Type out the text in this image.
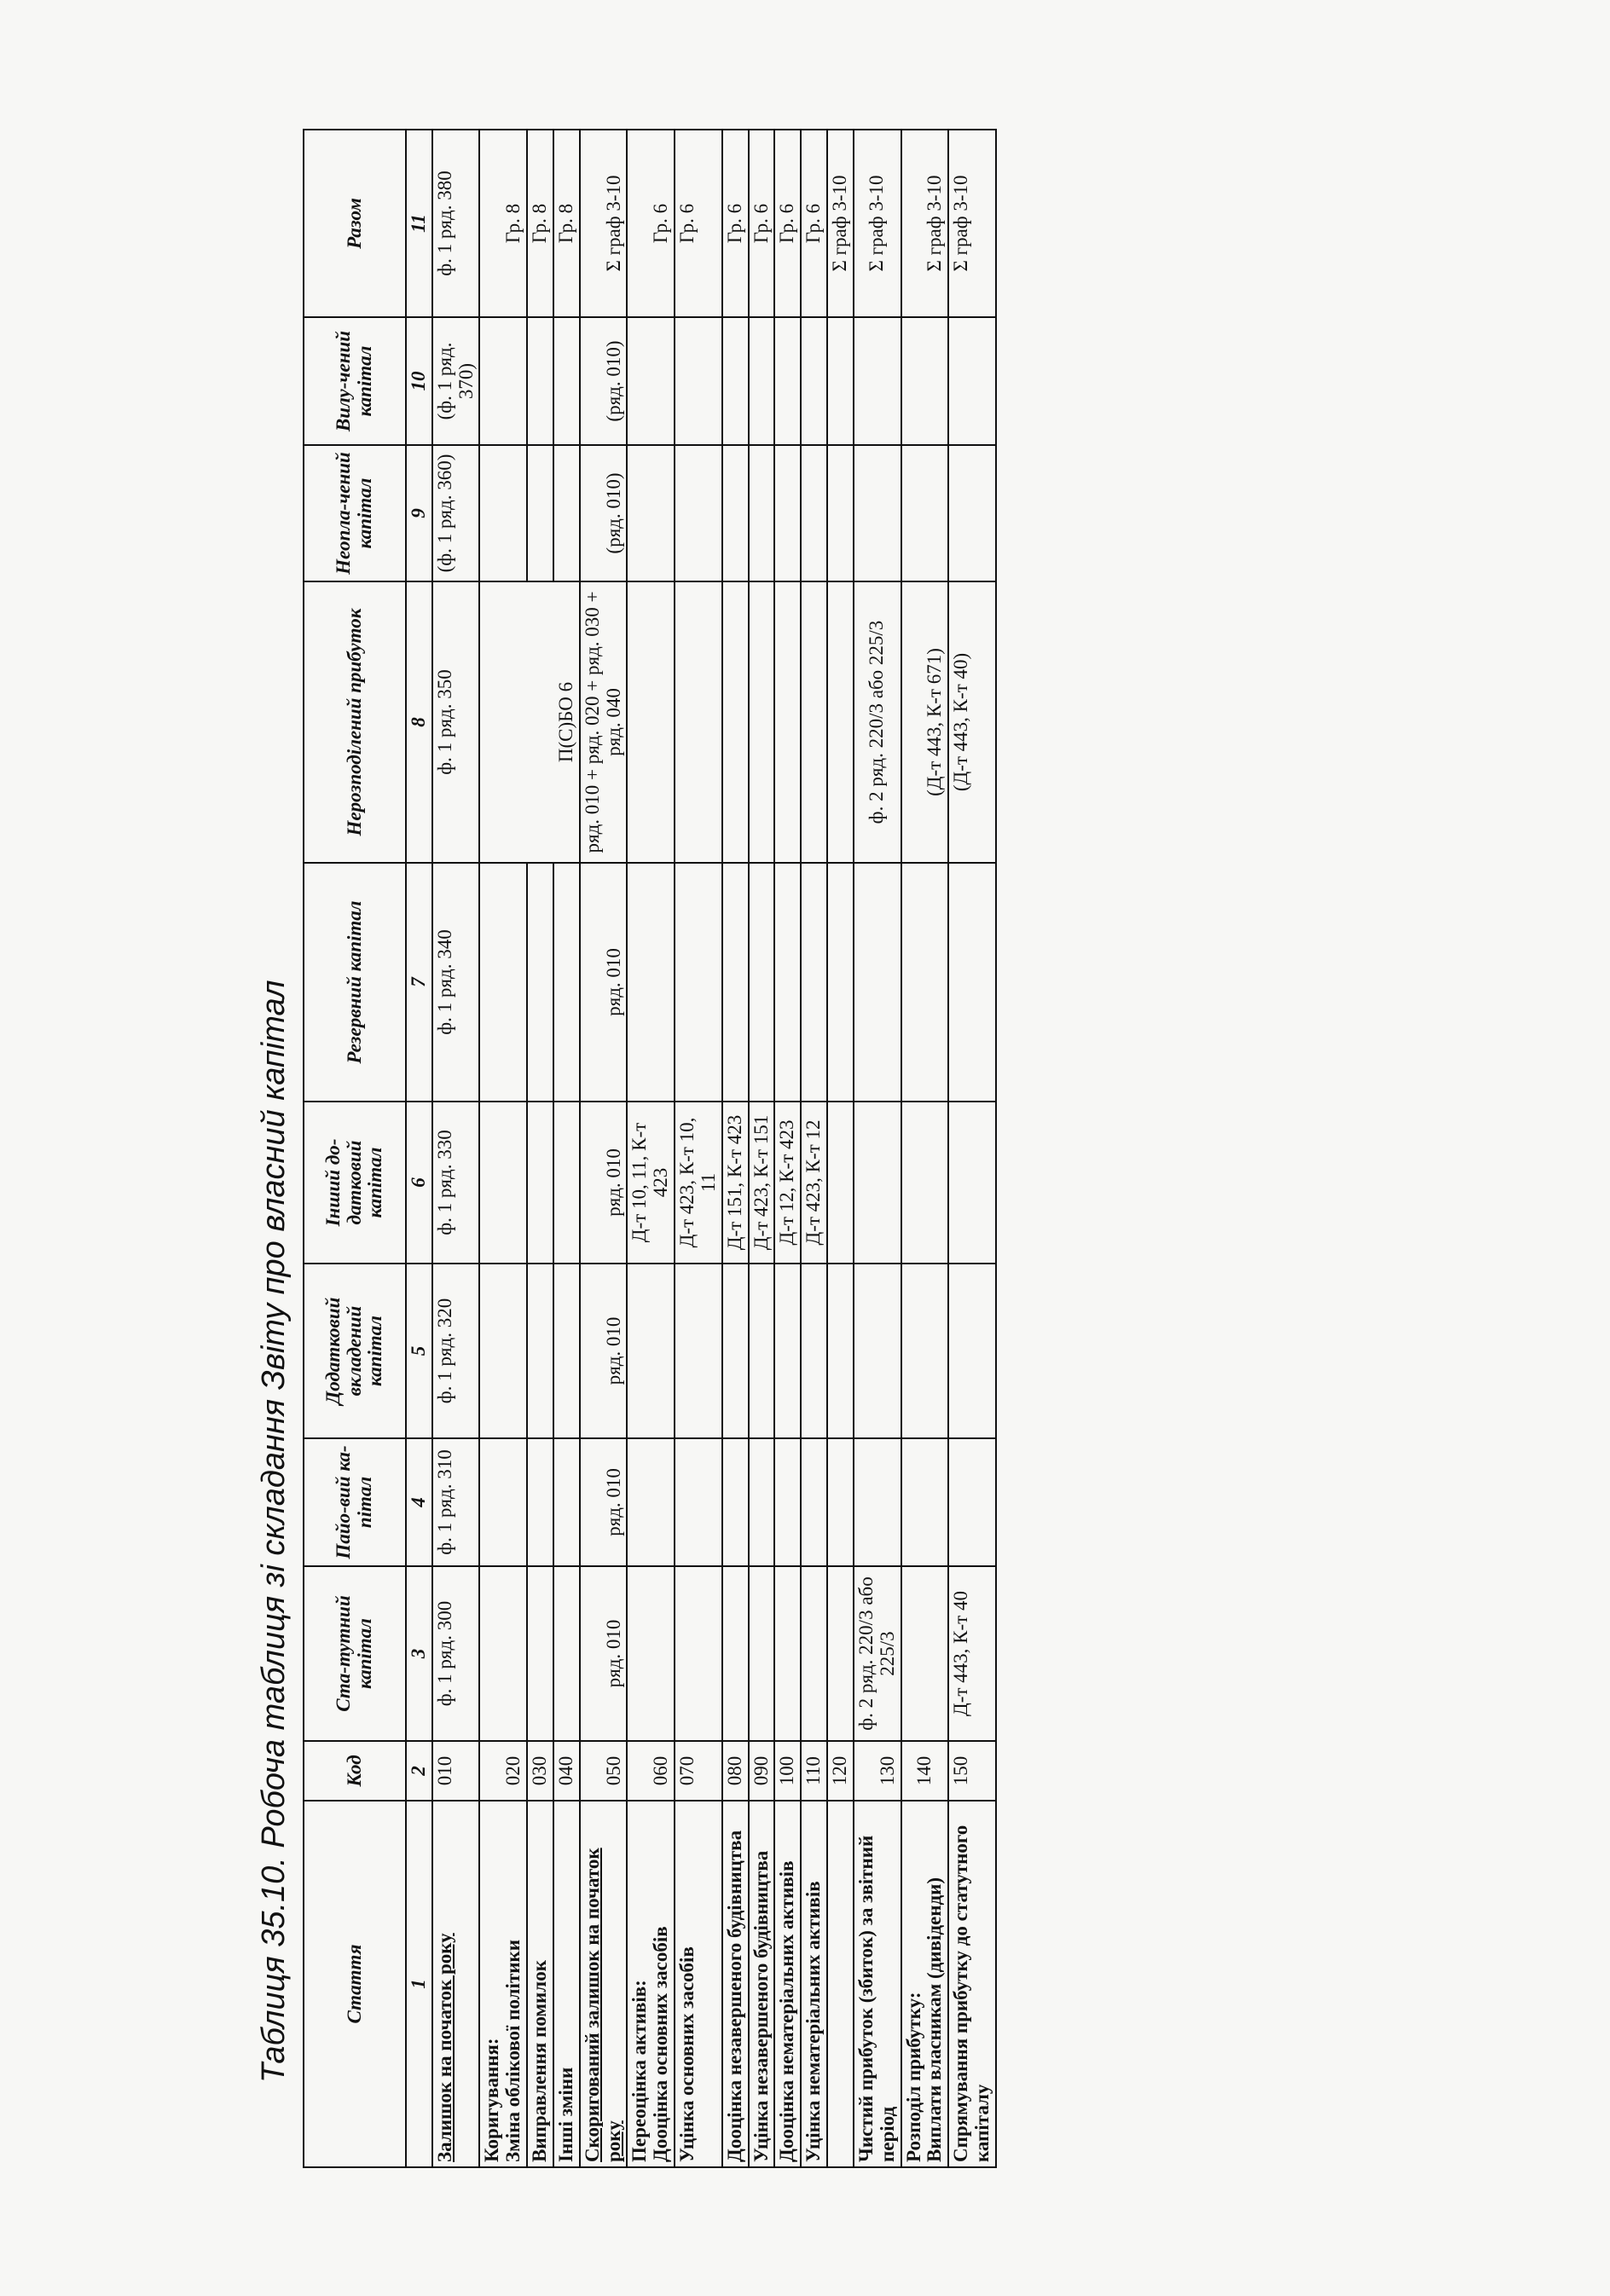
Таблиця 35.10. Робоча таблиця зі складання Звіту про власний капітал	Стаття	Код	Ста-тутний капітал	Пайо-вий ка-пітал	Додатковий вкладений капітал	Інший до-датковий капітал	Резервний капітал	Нерозподілений прибуток	Неопла-чений капітал	Вилу-чений капітал	Разом
1	2	3	4	5	6	7	8	9	10	11
Залишок на початок року	010	ф. 1 ряд. 300	ф. 1 ряд. 310	ф. 1 ряд. 320	ф. 1 ряд. 330	ф. 1 ряд. 340	ф. 1 ряд. 350	(ф. 1 ряд. 360)	(ф. 1 ряд. 370)	ф. 1 ряд. 380

Коригування: Зміна облікової політики	020						П(С)БО 6			Гр. 8
Виправлення помилок	030									Гр. 8
Інші зміни	040									Гр. 8
Скоригований залишок на початок року	050	ряд. 010	ряд. 010	ряд. 010	ряд. 010	ряд. 010	ряд. 010 + ряд. 020 + ряд. 030 + ряд. 040	(ряд. 010)	(ряд. 010)	Σ граф 3-10

Переоцінка активів: Дооцінка основних засобів	060				Д-т 10, 11, К-т 423					Гр. 6
Уцінка основних засобів	070				Д-т 423, К-т 10, 11					Гр. 6
Дооцінка незавершеного будівництва	080				Д-т 151, К-т 423					Гр. 6
Уцінка незавершеного будівництва	090				Д-т 423, К-т 151					Гр. 6
Дооцінка нематеріальних активів	100				Д-т 12, К-т 423					Гр. 6
Уцінка нематеріальних активів	110				Д-т 423, К-т 12					Гр. 6
	120									Σ граф 3-10
Чистий прибуток (збиток) за звітний період	130	ф. 2 ряд. 220/3 або 225/3					ф. 2 ряд. 220/3 або 225/3			Σ граф 3-10

Розподіл прибутку: Виплати власникам (дивіденди)	140						(Д-т 443, К-т 671)			Σ граф 3-10
Спрямування прибутку до статутного капіталу	150	Д-т 443, К-т 40					(Д-т 443, К-т 40)			Σ граф 3-10
